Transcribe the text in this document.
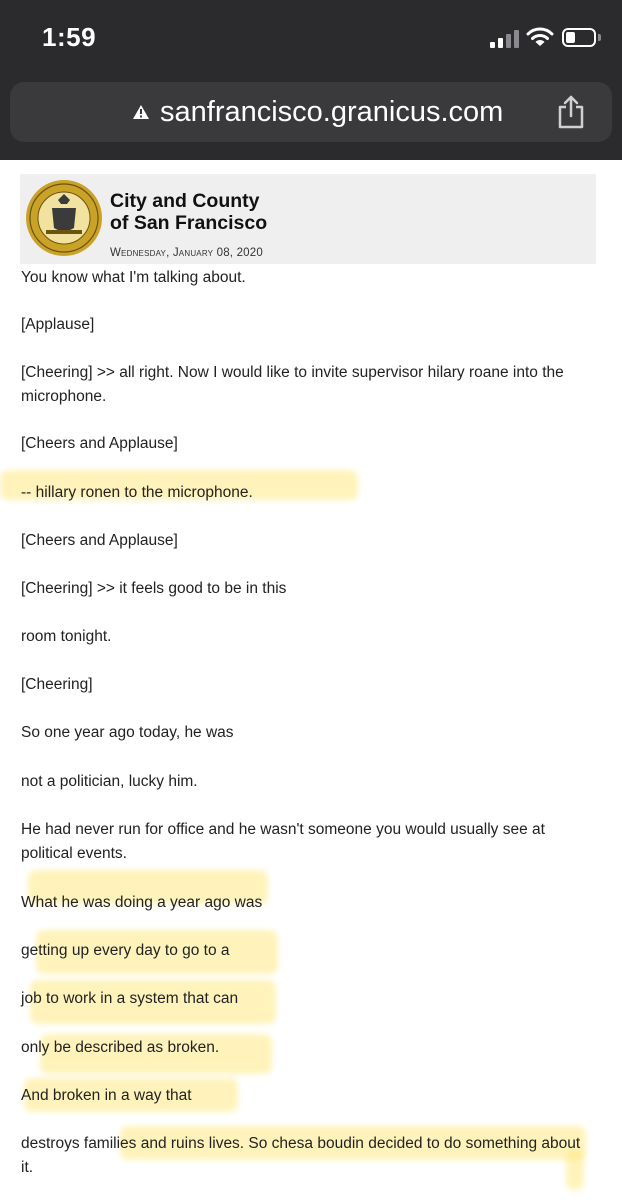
1:59
sanfrancisco.granicus.com
City and County
of San Francisco
Wednesday, January 08, 2020
You know what I'm talking about.
[Applause]
[Cheering] >> all right. Now I would like to invite supervisor hilary roane into the microphone.
[Cheers and Applause]
-- hillary ronen to the microphone.
[Cheers and Applause]
[Cheering] >> it feels good to be in this
room tonight.
[Cheering]
So one year ago today, he was
not a politician, lucky him.
He had never run for office and he wasn't someone you would usually see at political events.
What he was doing a year ago was
getting up every day to go to a
job to work in a system that can
only be described as broken.
And broken in a way that
destroys families and ruins lives. So chesa boudin decided to do something about it.
